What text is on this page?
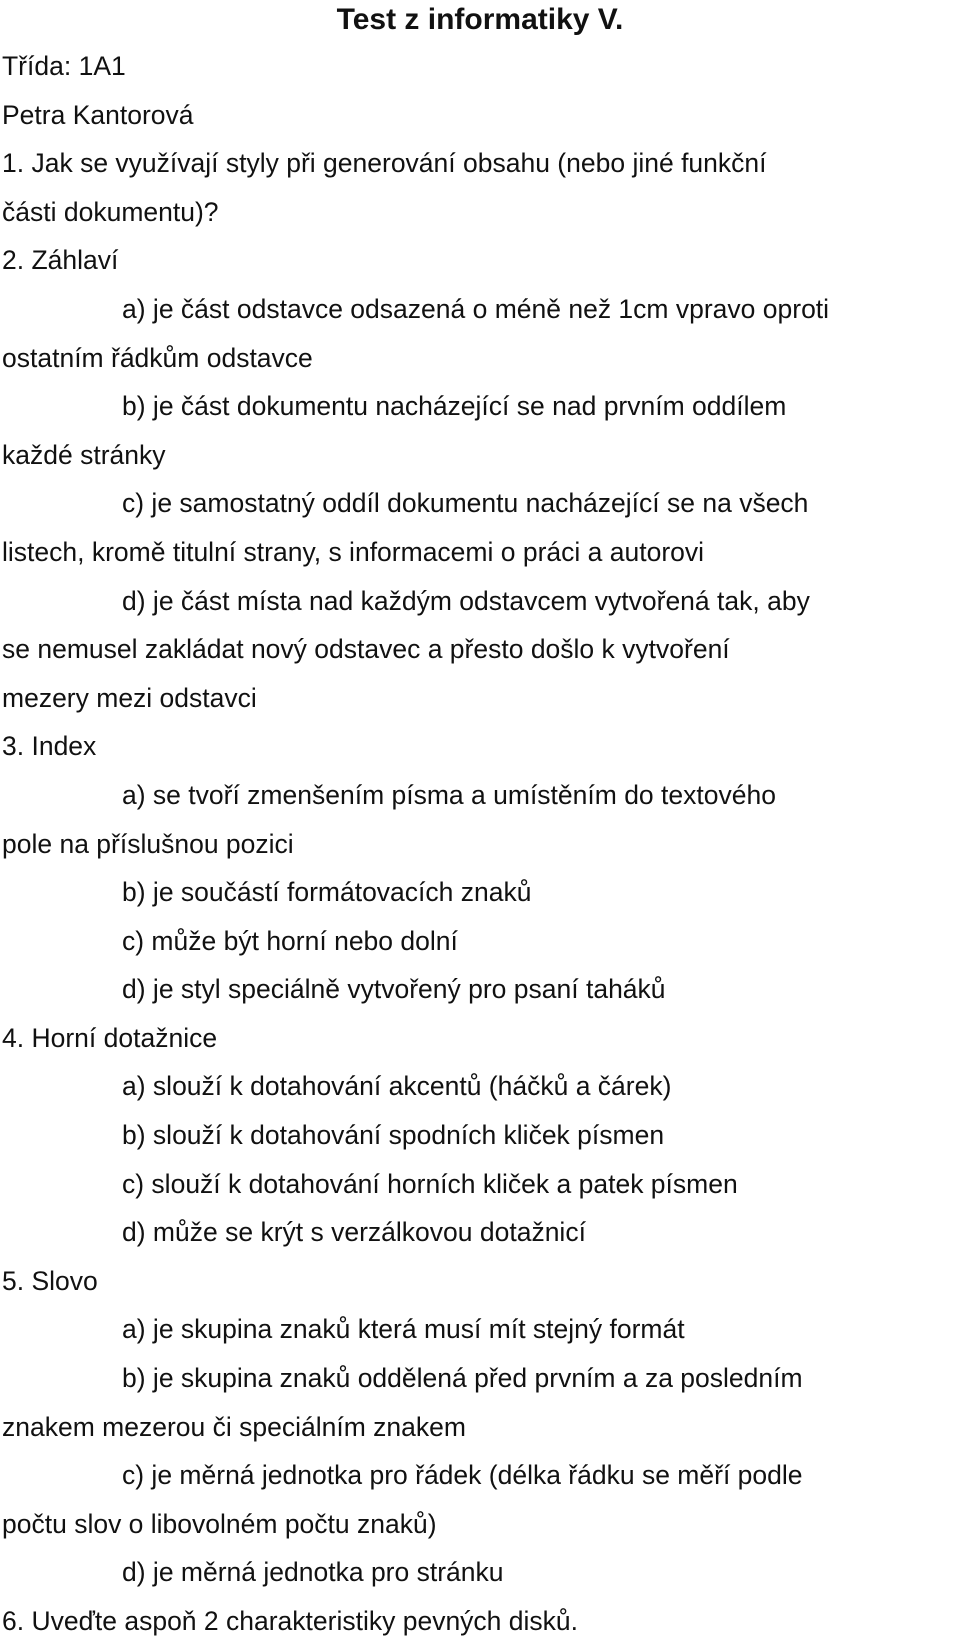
Test z informatiky V.

Třída: 1A1

Petra Kantorová

1. Jak se využívají styly při generování obsahu (nebo jiné funkční

části dokumentu)?

2. Záhlaví

a) je část odstavce odsazená o méně než 1cm vpravo oproti
ostatním řádkům odstavce
b) je část dokumentu nacházející se nad prvním oddílem
každé stránky
c) je samostatný oddíl dokumentu nacházející se na všech
listech, kromě titulní strany, s informacemi o práci a autorovi
d) je část místa nad každým odstavcem vytvořená tak, aby
se nemusel zakládat nový odstavec a přesto došlo k vytvoření
mezery mezi odstavci

3. Index

a) se tvoří zmenšením písma a umístěním do textového
pole na příslušnou pozici
b) je součástí formátovacích znaků
c) může být horní nebo dolní
d) je styl speciálně vytvořený pro psaní taháků

4. Horní dotažnice

a) slouží k dotahování akcentů (háčků a čárek)
b) slouží k dotahování spodních kliček písmen
c) slouží k dotahování horních kliček a patek písmen
d) může se krýt s verzálkovou dotažnicí

5. Slovo

a) je skupina znaků která musí mít stejný formát
b) je skupina znaků oddělená před prvním a za posledním
znakem mezerou či speciálním znakem
c) je měrná jednotka pro řádek (délka řádku se měří podle
počtu slov o libovolném počtu znaků)
d) je měrná jednotka pro stránku

6. Uveďte aspoň 2 charakteristiky pevných disků.
